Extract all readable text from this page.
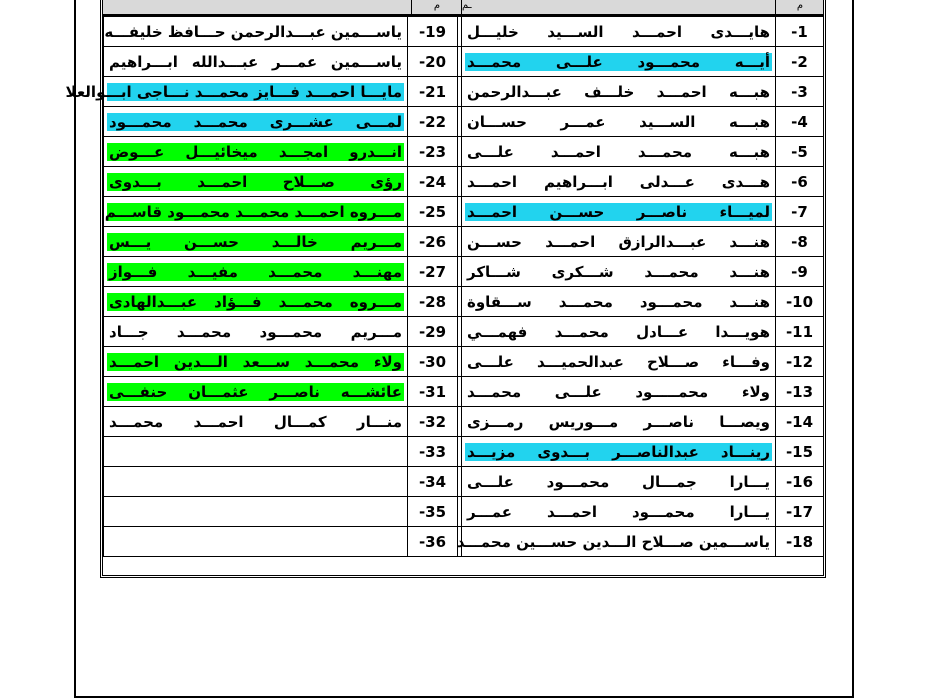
م	ـم	م
-1	هايـــدى احمـــد الســـيد خليـــل		-19	ياســـمين عبـــدالرحمن حـــافظ خليفـــه

-2	أيـــه محمـــود علـــى محمـــد		-20	ياســـمين عمـــر عبـــدالله ابـــراهيم

-3	هبـــه احمـــد خلـــف عبـــدالرحمن		-21	مايـــا احمـــد فـــايز محمـــد نـــاجى ابـــوالعلا

-4	هبـــه الســـيد عمـــر حســـان		-22	لمـــى عشـــرى محمـــد محمـــود

-5	هبـــه محمـــد احمـــد علـــى		-23	انـــدرو امجـــد ميخائيـــل عـــوض

-6	هـــدى عـــدلى ابـــراهيم احمـــد		-24	رؤى صـــلاح احمـــد بـــدوى

-7	لميـــاء ناصـــر حســـن احمـــد		-25	مـــروه احمـــد محمـــد محمـــود قاســـم

-8	هنـــد عبـــدالرازق احمـــد حســـن		-26	مـــريم خالـــد حســـن يـــس

-9	هنـــد محمـــد شـــكرى شـــاكر		-27	مهنـــد محمـــد مفيـــد فـــواز

-10	هنـــد محمـــود محمـــد ســـقاوة		-28	مـــروه محمـــد فـــؤاد عبـــدالهادى

-11	هويـــدا عـــادل محمـــد فهمـــي		-29	مـــريم محمـــود محمـــد جـــاد

-12	وفـــاء صـــلاح عبدالحميـــد علـــى		-30	ولاء محمـــد ســـعد الـــدين احمـــد

-13	ولاء محمـــــود علـــى محمـــد		-31	عائشـــه ناصـــر عثمـــان حنفـــى

-14	ويصـــا ناصـــر مـــوريس رمـــزى		-32	منـــار كمـــال احمـــد محمـــد

-15	رينـــاد عبدالناصـــر بـــدوى مزيـــد		-33	

-16	يـــارا جمـــال محمـــود علـــى		-34	

-17	يـــارا محمـــود احمـــد عمـــر		-35	

-18	ياســـمين صـــلاح الـــدين حســـين محمـــد		-36	
